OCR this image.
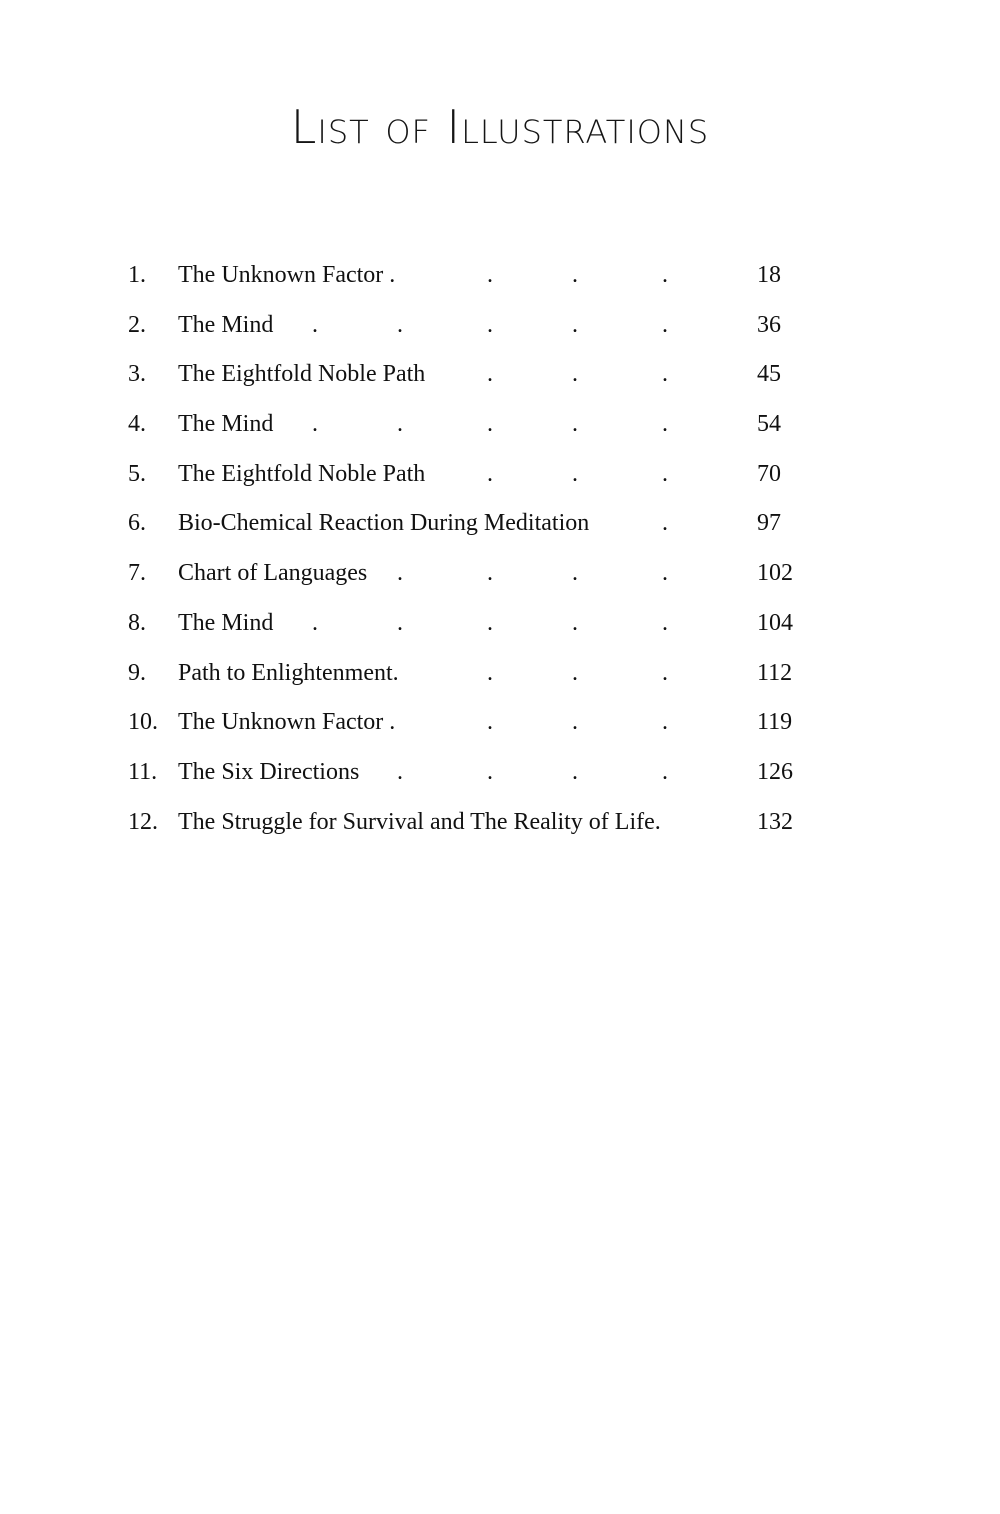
List of Illustrations
1.	The Unknown Factor .	.	.	.	18
2.	The Mind .	.	.	.	.	36
3.	The Eightfold Noble Path	.	.	.	45
4.	The Mind .	.	.	.	.	54
5.	The Eightfold Noble Path	.	.	.	70
6.	Bio-Chemical Reaction During Meditation	.	97
7.	Chart of Languages .	.	.	.	102
8.	The Mind .	.	.	.	.	104
9.	Path to Enlightenment.	.	.	.	112
10. The Unknown Factor .	.	.	.	119
11. The Six Directions .	.	.	.	126
12. The Struggle for Survival and The Reality of Life.	132
